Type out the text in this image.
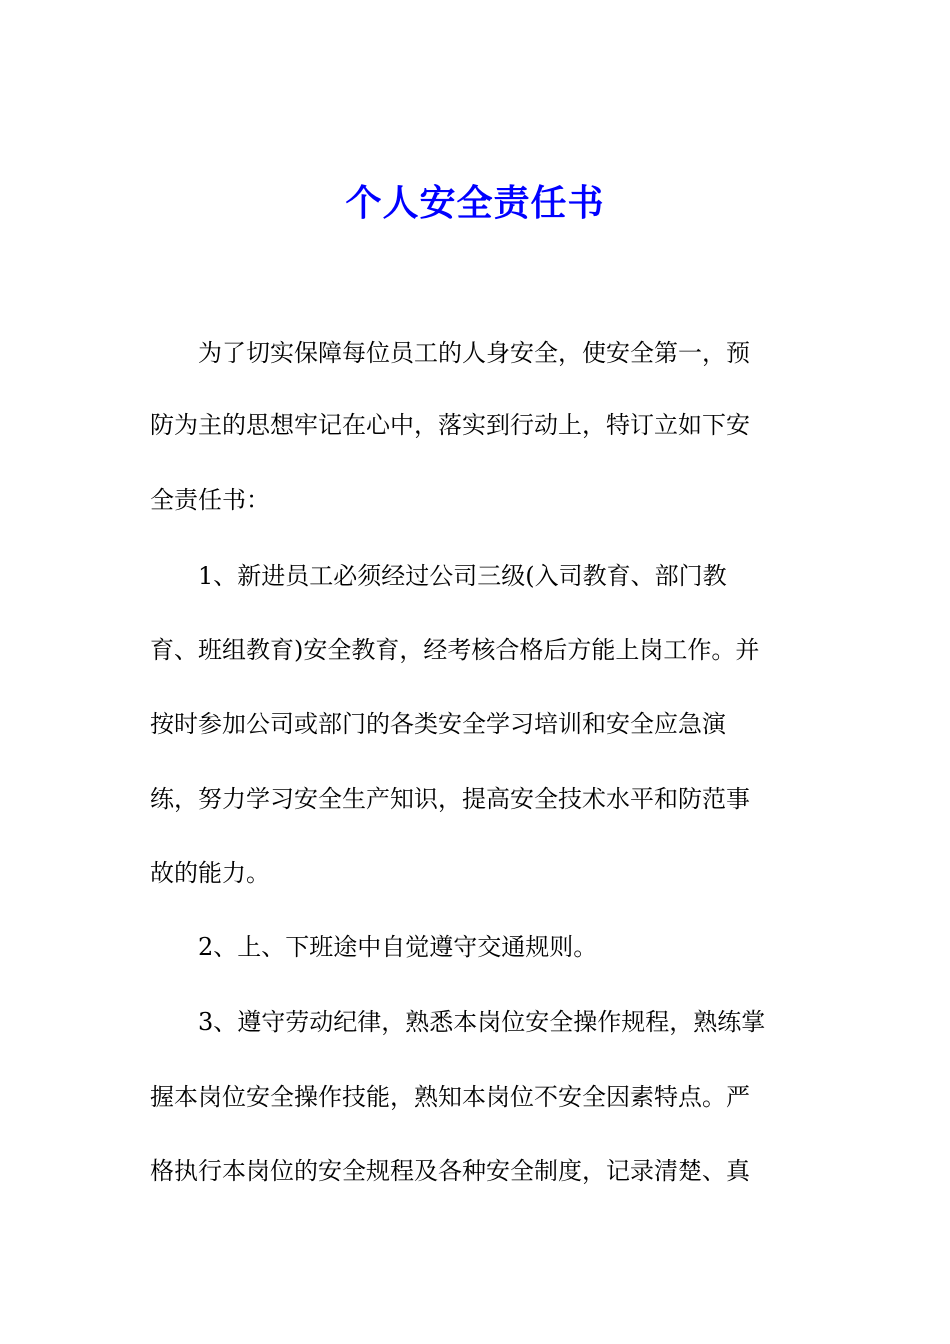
个人安全责任书
为了切实保障每位员工的人身安全，使安全第一，预
防为主的思想牢记在心中，落实到行动上，特订立如下安
全责任书：
1、新进员工必须经过公司三级(入司教育、部门教
育、班组教育)安全教育，经考核合格后方能上岗工作。并
按时参加公司或部门的各类安全学习培训和安全应急演
练，努力学习安全生产知识，提高安全技术水平和防范事
故的能力。
2、上、下班途中自觉遵守交通规则。
3、遵守劳动纪律，熟悉本岗位安全操作规程，熟练掌
握本岗位安全操作技能，熟知本岗位不安全因素特点。严
格执行本岗位的安全规程及各种安全制度，记录清楚、真
